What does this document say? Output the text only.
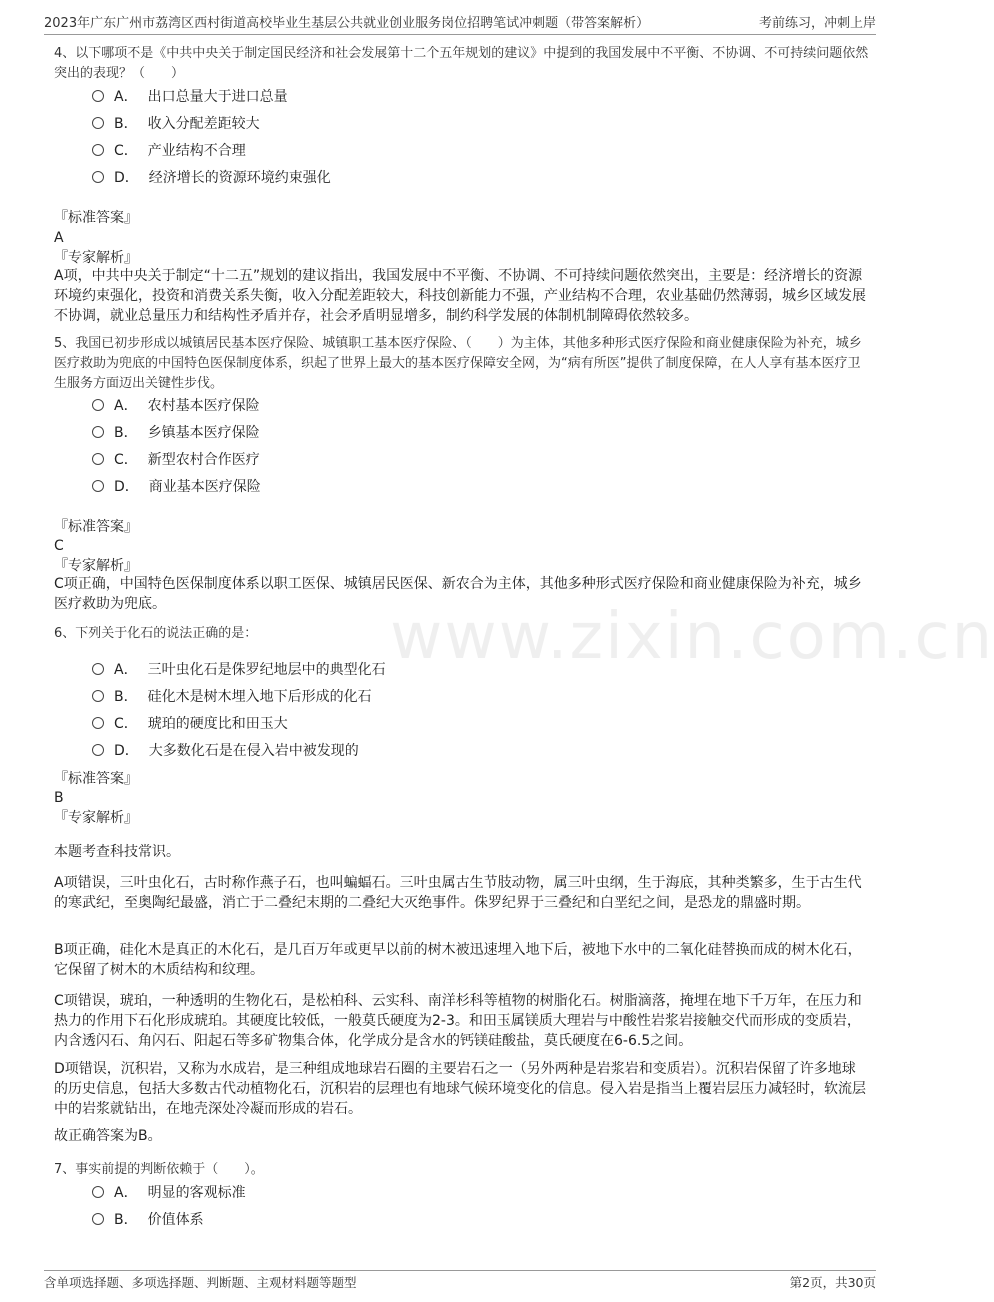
2023年广东广州市荔湾区西村街道高校毕业生基层公共就业创业服务岗位招聘笔试冲刺题（带答案解析）	考前练习，冲刺上岸
www.zixin.com.cn
4、以下哪项不是《中共中央关于制定国民经济和社会发展第十二个五年规划的建议》中提到的我国发展中不平衡、不协调、不可持续问题依然突出的表现？（　　）
A． 出口总量大于进口总量
B． 收入分配差距较大
C． 产业结构不合理
D． 经济增长的资源环境约束强化
『标准答案』
A
『专家解析』
A项，中共中央关于制定“十二五”规划的建议指出，我国发展中不平衡、不协调、不可持续问题依然突出，主要是：经济增长的资源环境约束强化，投资和消费关系失衡，收入分配差距较大，科技创新能力不强，产业结构不合理，农业基础仍然薄弱，城乡区域发展不协调，就业总量压力和结构性矛盾并存，社会矛盾明显增多，制约科学发展的体制机制障碍依然较多。
5、我国已初步形成以城镇居民基本医疗保险、城镇职工基本医疗保险、（　　）为主体，其他多种形式医疗保险和商业健康保险为补充，城乡医疗救助为兜底的中国特色医保制度体系，织起了世界上最大的基本医疗保障安全网，为“病有所医”提供了制度保障，在人人享有基本医疗卫生服务方面迈出关键性步伐。
A． 农村基本医疗保险
B． 乡镇基本医疗保险
C． 新型农村合作医疗
D． 商业基本医疗保险
『标准答案』
C
『专家解析』
C项正确，中国特色医保制度体系以职工医保、城镇居民医保、新农合为主体，其他多种形式医疗保险和商业健康保险为补充，城乡医疗救助为兜底。
6、下列关于化石的说法正确的是：
A． 三叶虫化石是侏罗纪地层中的典型化石
B． 硅化木是树木埋入地下后形成的化石
C． 琥珀的硬度比和田玉大
D． 大多数化石是在侵入岩中被发现的
『标准答案』
B
『专家解析』
本题考查科技常识。
A项错误，三叶虫化石，古时称作燕子石，也叫蝙蝠石。三叶虫属古生节肢动物，属三叶虫纲，生于海底，其种类繁多，生于古生代的寒武纪，至奥陶纪最盛，消亡于二叠纪末期的二叠纪大灭绝事件。侏罗纪界于三叠纪和白垩纪之间，是恐龙的鼎盛时期。
B项正确，硅化木是真正的木化石，是几百万年或更早以前的树木被迅速埋入地下后，被地下水中的二氧化硅替换而成的树木化石，它保留了树木的木质结构和纹理。
C项错误，琥珀，一种透明的生物化石，是松柏科、云实科、南洋杉科等植物的树脂化石。树脂滴落，掩埋在地下千万年，在压力和热力的作用下石化形成琥珀。其硬度比较低，一般莫氏硬度为2-3。和田玉属镁质大理岩与中酸性岩浆岩接触交代而形成的变质岩，内含透闪石、角闪石、阳起石等多矿物集合体，化学成分是含水的钙镁硅酸盐，莫氏硬度在6-6.5之间。
D项错误，沉积岩，又称为水成岩，是三种组成地球岩石圈的主要岩石之一（另外两种是岩浆岩和变质岩）。沉积岩保留了许多地球的历史信息，包括大多数古代动植物化石，沉积岩的层理也有地球气候环境变化的信息。侵入岩是指当上覆岩层压力减轻时，软流层中的岩浆就钻出，在地壳深处冷凝而形成的岩石。
故正确答案为B。
7、事实前提的判断依赖于（　　）。
A． 明显的客观标准
B． 价值体系
含单项选择题、多项选择题、判断题、主观材料题等题型	第2页，共30页
